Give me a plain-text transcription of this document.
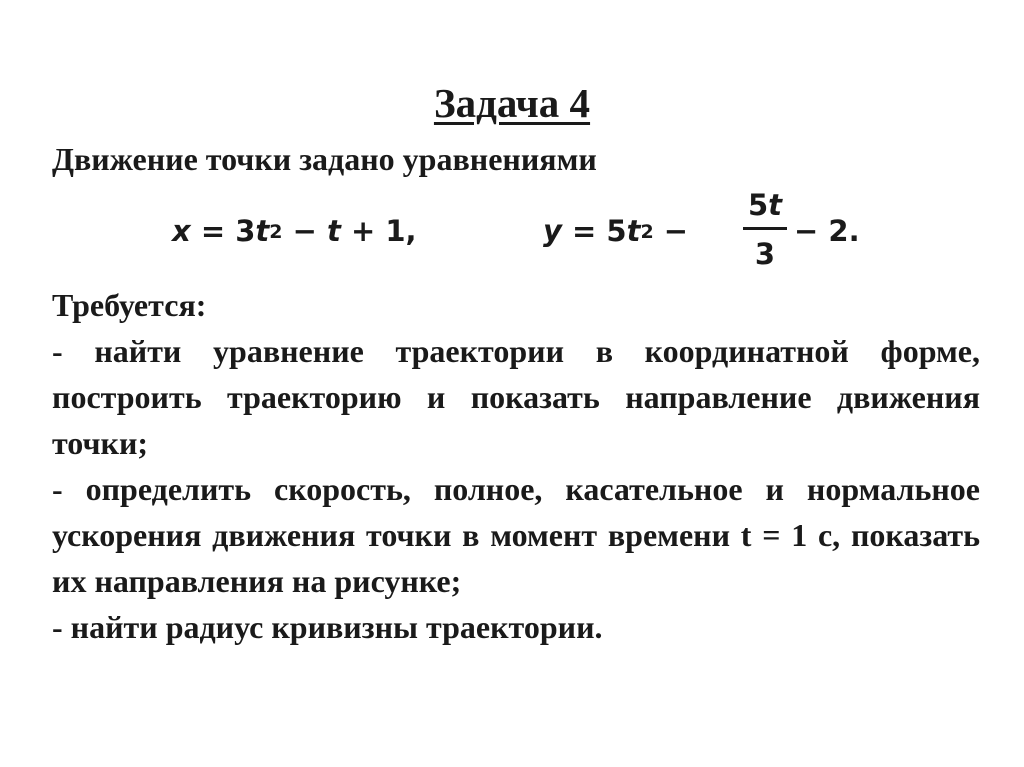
Задача 4
Движение точки задано уравнениями
$x = 3t^2 - t + 1$,	$y = 5t^2$ −
5t
3
− 2.

Требуется:

- найти уравнение траектории в координатной форме, построить траекторию и показать направление движения точки;

- определить скорость, полное, касательное и нормальное ускорения движения точки в момент времени t = 1 с, показать их направления на рисунке;

- найти радиус кривизны траектории.
